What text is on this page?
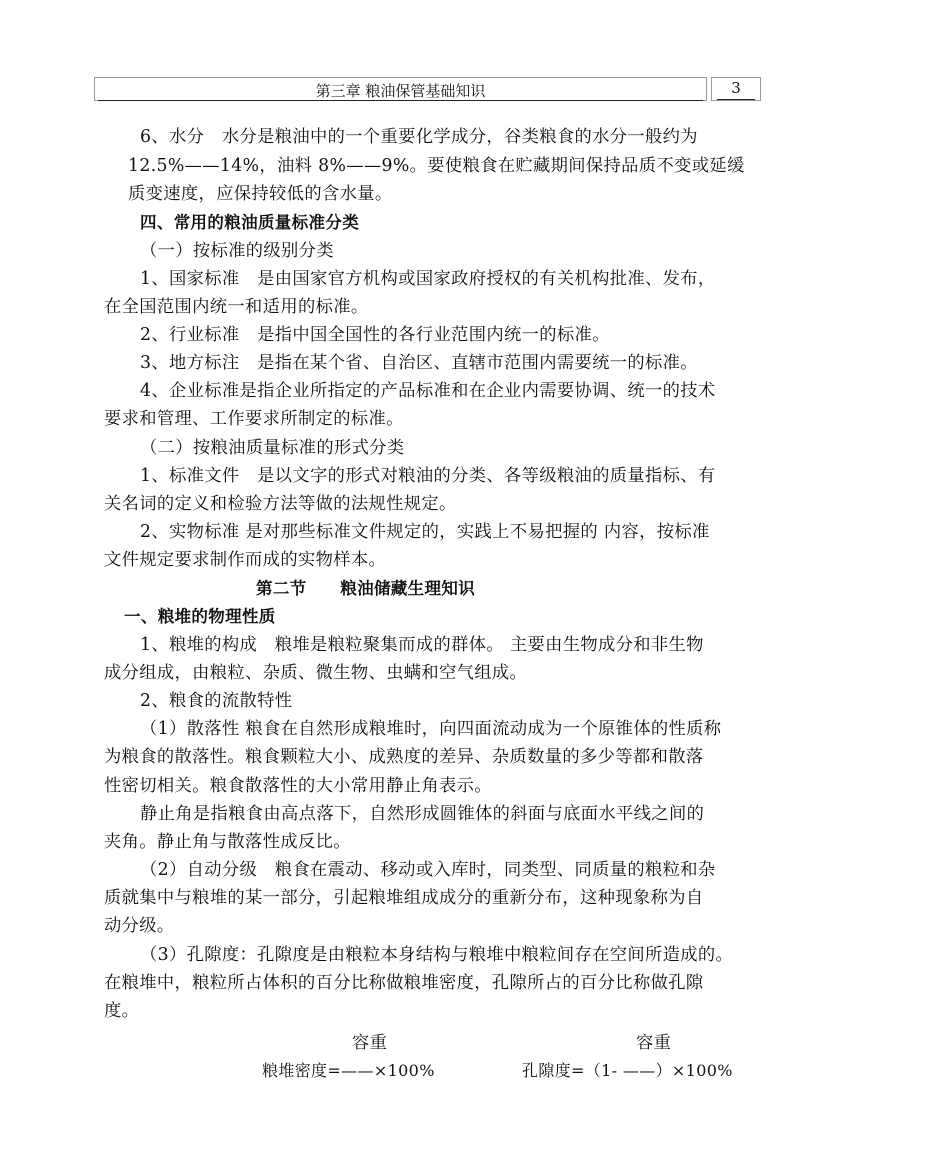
第三章 粮油保管基础知识	3
6、水分　水分是粮油中的一个重要化学成分，谷类粮食的水分一般约为
12.5%——14%，油料 8%——9%。要使粮食在贮藏期间保持品质不变或延缓
质变速度，应保持较低的含水量。
四、常用的粮油质量标准分类
（一）按标准的级别分类
1、国家标准　是由国家官方机构或国家政府授权的有关机构批准、发布，
在全国范围内统一和适用的标准。
2、行业标准　是指中国全国性的各行业范围内统一的标准。
3、地方标注　是指在某个省、自治区、直辖市范围内需要统一的标准。
4、企业标准是指企业所指定的产品标准和在企业内需要协调、统一的技术
要求和管理、工作要求所制定的标准。
（二）按粮油质量标准的形式分类
1、标准文件　是以文字的形式对粮油的分类、各等级粮油的质量指标、有
关名词的定义和检验方法等做的法规性规定。
2、实物标准 是对那些标准文件规定的，实践上不易把握的 内容，按标准
文件规定要求制作而成的实物样本。
第二节　　粮油储藏生理知识
一、粮堆的物理性质
1、粮堆的构成　粮堆是粮粒聚集而成的群体。 主要由生物成分和非生物
成分组成，由粮粒、杂质、微生物、虫螨和空气组成。
2、粮食的流散特性
（1）散落性 粮食在自然形成粮堆时，向四面流动成为一个原锥体的性质称
为粮食的散落性。粮食颗粒大小、成熟度的差异、杂质数量的多少等都和散落
性密切相关。粮食散落性的大小常用静止角表示。
静止角是指粮食由高点落下，自然形成圆锥体的斜面与底面水平线之间的
夹角。静止角与散落性成反比。
（2）自动分级　粮食在震动、移动或入库时，同类型、同质量的粮粒和杂
质就集中与粮堆的某一部分，引起粮堆组成成分的重新分布，这种现象称为自
动分级。
（3）孔隙度：孔隙度是由粮粒本身结构与粮堆中粮粒间存在空间所造成的。
在粮堆中，粮粒所占体积的百分比称做粮堆密度，孔隙所占的百分比称做孔隙
度。
容重
粮堆密度=——×100%
容重
孔隙度=（1- ——）×100%
